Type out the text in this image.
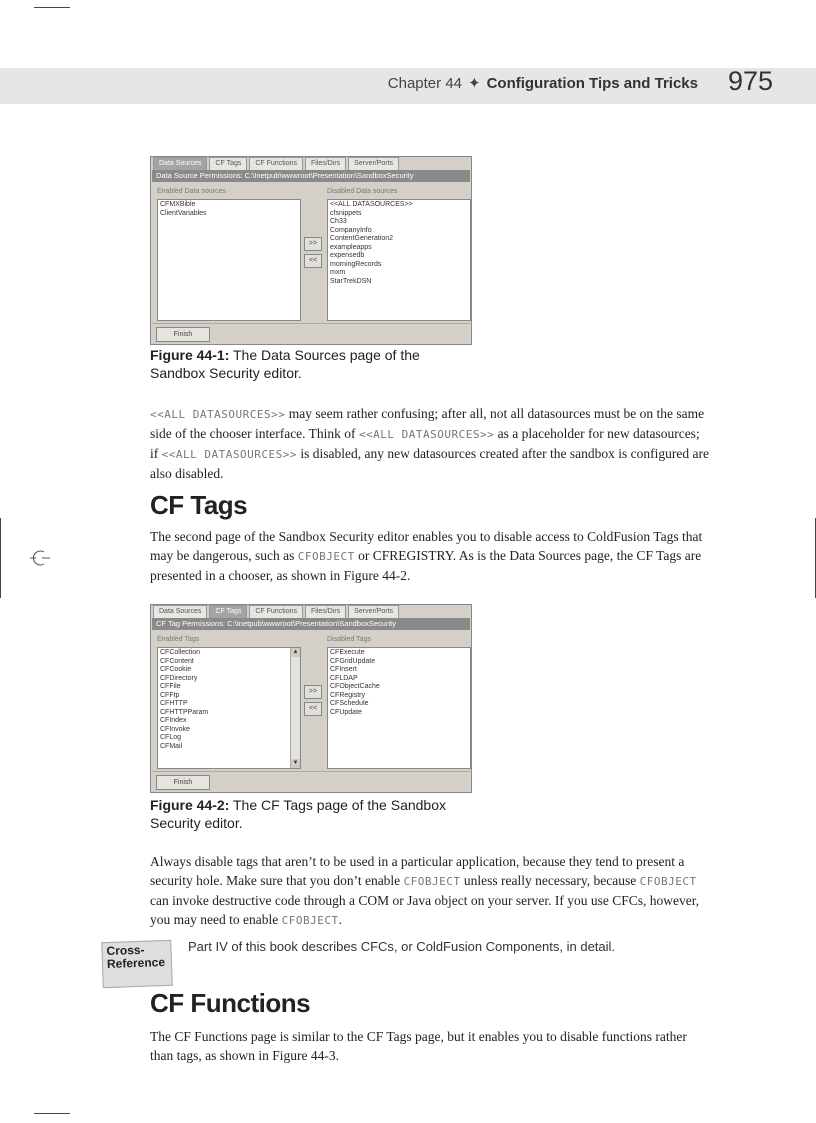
Chapter 44 ✦ Configuration Tips and Tricks 975
Data Sources	CF Tags	CF Functions	Files/Dirs	Server/Ports
Data Source Permissions: C:\Inetpub\wwwroot\Presentation\SandboxSecurity
Enabled Data sources	Disabled Data sources
CFMXBible
ClientVariables
>>
<<
<<ALL DATASOURCES>>
cfsnippets
Ch33
CompanyInfo
ContentGeneration2
exampleapps
expensedb
morningRecords
mxm
StarTrekDSN
Finish
Figure 44-1: The Data Sources page of the Sandbox Security editor.
<<ALL DATASOURCES>> may seem rather confusing; after all, not all datasources must be on the same side of the chooser interface. Think of <<ALL DATASOURCES>> as a placeholder for new datasources; if <<ALL DATASOURCES>> is disabled, any new datasources created after the sandbox is configured are also disabled.
CF Tags
The second page of the Sandbox Security editor enables you to disable access to ColdFusion Tags that may be dangerous, such as CFOBJECT or CFREGISTRY. As is the Data Sources page, the CF Tags are presented in a chooser, as shown in Figure 44-2.
Data Sources	CF Tags	CF Functions	Files/Dirs	Server/Ports
CF Tag Permissions: C:\Inetpub\wwwroot\Presentation\SandboxSecurity
Enabled Tags	Disabled Tags
CFCollection
CFContent
CFCookie
CFDirectory
CFFile
CFFtp
CFHTTP
CFHTTPParam
CFIndex
CFInvoke
CFLog
CFMail
▲
▼
>>
<<
CFExecute
CFGridUpdate
CFInsert
CFLDAP
CFObjectCache
CFRegistry
CFSchedule
CFUpdate
Finish
Figure 44-2: The CF Tags page of the Sandbox Security editor.
Always disable tags that aren’t to be used in a particular application, because they tend to present a security hole. Make sure that you don’t enable CFOBJECT unless really necessary, because CFOBJECT can invoke destructive code through a COM or Java object on your server. If you use CFCs, however, you may need to enable CFOBJECT.
Cross-
Reference
Part IV of this book describes CFCs, or ColdFusion Components, in detail.
CF Functions
The CF Functions page is similar to the CF Tags page, but it enables you to disable functions rather than tags, as shown in Figure 44-3.
